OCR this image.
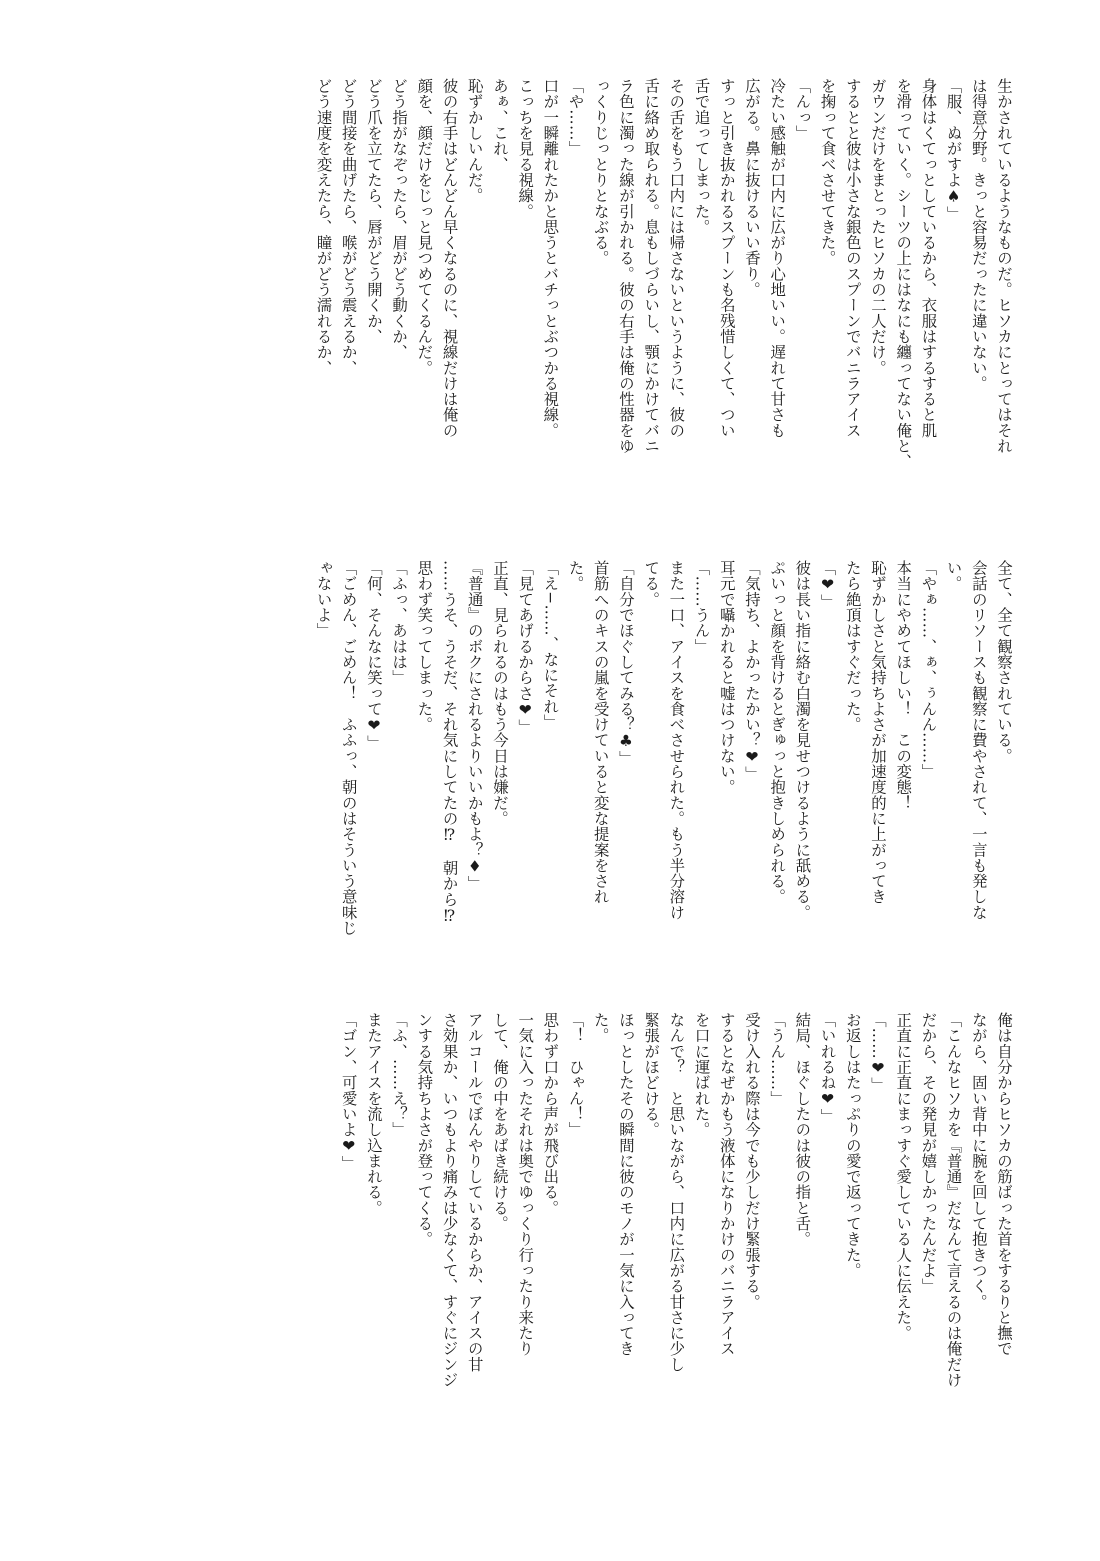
生かされているようなものだ。ヒソカにとってはそれ
は得意分野。きっと容易だったに違いない。
「服、ぬがすよ♠」
身体はくてっとしているから、衣服はするすると肌
を滑っていく。シーツの上にはなにも纏ってない俺と、
ガウンだけをまとったヒソカの二人だけ。
するとと彼は小さな銀色のスプーンでバニラアイス
を掬って食べさせてきた。
「んっ」
冷たい感触が口内に広がり心地いい。遅れて甘さも
広がる。鼻に抜けるいい香り。
すっと引き抜かれるスプーンも名残惜しくて、つい
舌で追ってしまった。
その舌をもう口内には帰さないというように、彼の
舌に絡め取られる。息もしづらいし、顎にかけてバニ
ラ色に濁った線が引かれる。彼の右手は俺の性器をゆ
っくりじっとりとなぶる。
「や……」
口が一瞬離れたかと思うとバチっとぶつかる視線。
こっちを見る視線。
あぁ、これ、
恥ずかしいんだ。
彼の右手はどんどん早くなるのに、視線だけは俺の
顔を、顔だけをじっと見つめてくるんだ。
どう指がなぞったら、眉がどう動くか、
どう爪を立てたら、唇がどう開くか、
どう間接を曲げたら、喉がどう震えるか、
どう速度を変えたら、瞳がどう濡れるか、
全て、全て観察されている。
会話のリソースも観察に費やされて、一言も発しな
い。
「やぁ……、ぁ、ぅんん……」
本当にやめてほしい！　この変態！
恥ずかしさと気持ちよさが加速度的に上がってき
たら絶頂はすぐだった。
「❤」
彼は長い指に絡む白濁を見せつけるように舐める。
ぷいっと顔を背けるとぎゅっと抱きしめられる。
「気持ち、よかったかい？❤」
耳元で囁かれると嘘はつけない。
「……うん」
また一口、アイスを食べさせられた。もう半分溶け
てる。
「自分でほぐしてみる？♣」
首筋へのキスの嵐を受けていると変な提案をされ
た。
「え−……、なにそれ」
「見てあげるからさ❤」
正直、見られるのはもう今日は嫌だ。
『普通』のボクにされるよりいいかもよ？♦」
……うそ、うそだ、それ気にしてたの⁉　朝から⁉
思わず笑ってしまった。
「ふっ、あはは」
「何、そんなに笑って❤」
「ごめん、ごめん！　ふふっ、朝のはそういう意味じ
ゃないよ」
俺は自分からヒソカの筋ばった首をするりと撫で
ながら、固い背中に腕を回して抱きつく。
「こんなヒソカを『普通』だなんて言えるのは俺だけ
だから、その発見が嬉しかったんだよ」
正直に正直にまっすぐ愛している人に伝えた。
「……❤」
お返しはたっぷりの愛で返ってきた。
「いれるね❤」
結局、ほぐしたのは彼の指と舌。
「うん……」
受け入れる際は今でも少しだけ緊張する。
するとなぜかもう液体になりかけのバニラアイス
を口に運ばれた。
なんで？　と思いながら、口内に広がる甘さに少し
緊張がほどける。
ほっとしたその瞬間に彼のモノが一気に入ってき
た。
「！　ひゃん！」
思わず口から声が飛び出る。
一気に入ったそれは奥でゆっくり行ったり来たり
して、俺の中をあばき続ける。
アルコールでぼんやりしているからか、アイスの甘
さ効果か、いつもより痛みは少なくて、すぐにジンジ
ンする気持ちよさが登ってくる。
「ふ、……え？」
またアイスを流し込まれる。
「ゴン、可愛いよ❤」
